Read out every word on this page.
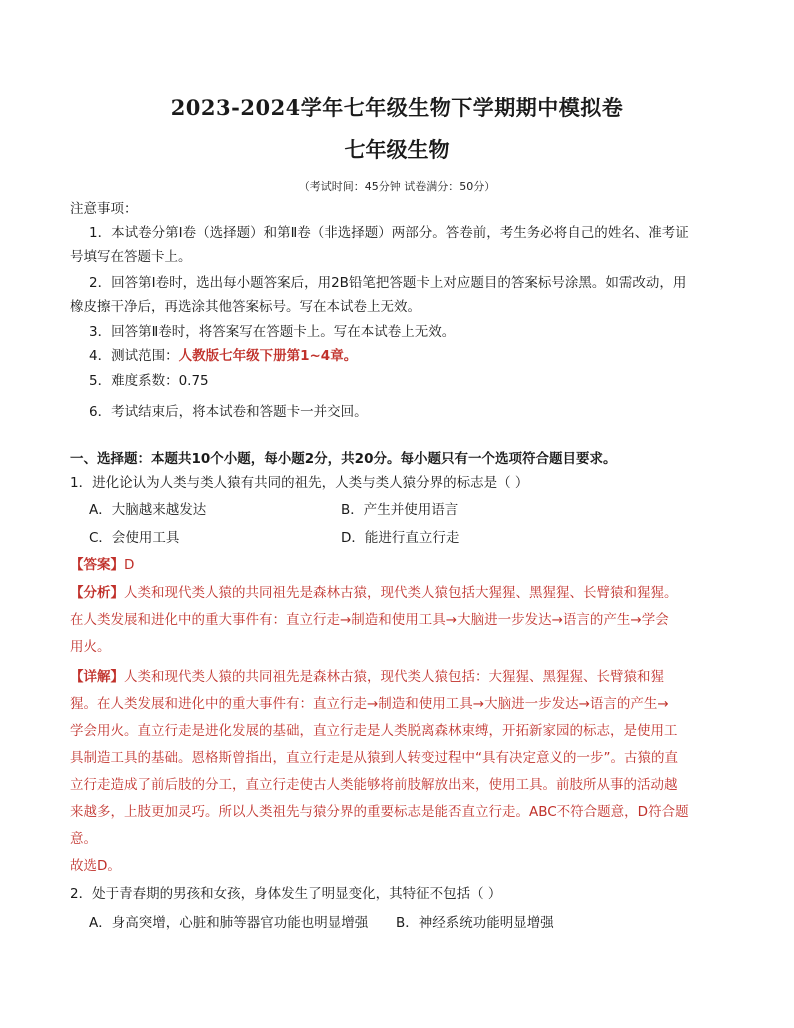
2023-2024学年七年级生物下学期期中模拟卷
七年级生物
（考试时间：45分钟 试卷满分：50分）
注意事项：
1．本试卷分第Ⅰ卷（选择题）和第Ⅱ卷（非选择题）两部分。答卷前，考生务必将自己的姓名、准考证
号填写在答题卡上。
2．回答第Ⅰ卷时，选出每小题答案后，用2B铅笔把答题卡上对应题目的答案标号涂黑。如需改动，用
橡皮擦干净后，再选涂其他答案标号。写在本试卷上无效。
3．回答第Ⅱ卷时，将答案写在答题卡上。写在本试卷上无效。
4．测试范围：人教版七年级下册第1~4章。
5．难度系数：0.75
6．考试结束后，将本试卷和答题卡一并交回。
一、选择题：本题共10个小题，每小题2分，共20分。每小题只有一个选项符合题目要求。
1．进化论认为人类与类人猿有共同的祖先，人类与类人猿分界的标志是（ ）
A．大脑越来越发达	B．产生并使用语言
C．会使用工具	D．能进行直立行走
【答案】D
【分析】人类和现代类人猿的共同祖先是森林古猿，现代类人猿包括大猩猩、黑猩猩、长臂猿和猩猩。
在人类发展和进化中的重大事件有：直立行走→制造和使用工具→大脑进一步发达→语言的产生→学会
用火。
【详解】人类和现代类人猿的共同祖先是森林古猿，现代类人猿包括：大猩猩、黑猩猩、长臂猿和猩
猩。在人类发展和进化中的重大事件有：直立行走→制造和使用工具→大脑进一步发达→语言的产生→
学会用火。直立行走是进化发展的基础，直立行走是人类脱离森林束缚，开拓新家园的标志，是使用工
具制造工具的基础。恩格斯曾指出，直立行走是从猿到人转变过程中“具有决定意义的一步”。古猿的直
立行走造成了前后肢的分工，直立行走使古人类能够将前肢解放出来，使用工具。前肢所从事的活动越
来越多，上肢更加灵巧。所以人类祖先与猿分界的重要标志是能否直立行走。ABC不符合题意，D符合题
意。
故选D。
2．处于青春期的男孩和女孩，身体发生了明显变化，其特征不包括（ ）
A．身高突增，心脏和肺等器官功能也明显增强 B．神经系统功能明显增强
